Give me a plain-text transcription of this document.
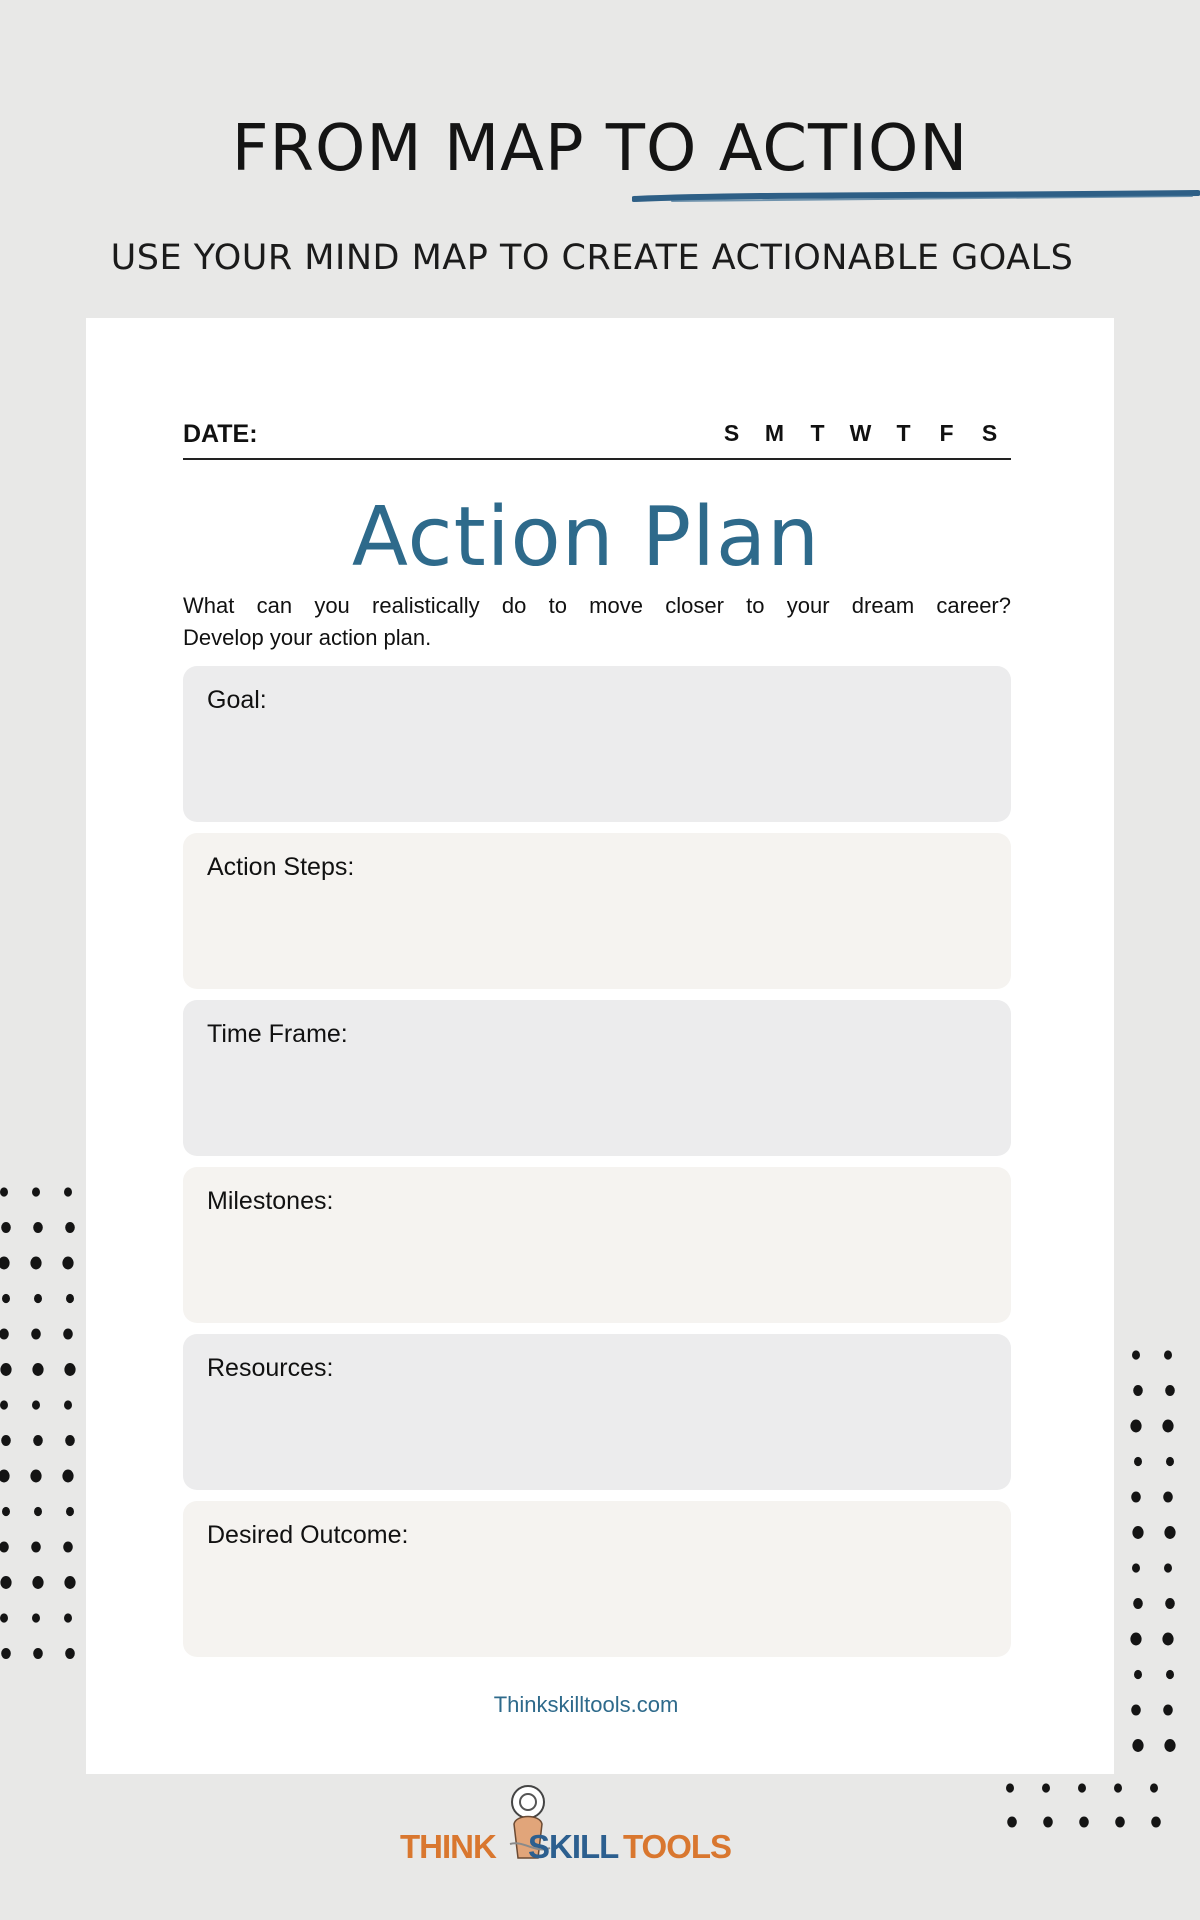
FROM MAP TO ACTION
USE YOUR MIND MAP TO CREATE ACTIONABLE GOALS
DATE:	S	M	T	W	T	F	S
Action Plan
What can you realistically do to move closer to your dream career?
Develop your action plan.
Goal:
Action Steps:
Time Frame:
Milestones:
Resources:
Desired Outcome:
Thinkskilltools.com
THINK SKILL TOOLS
